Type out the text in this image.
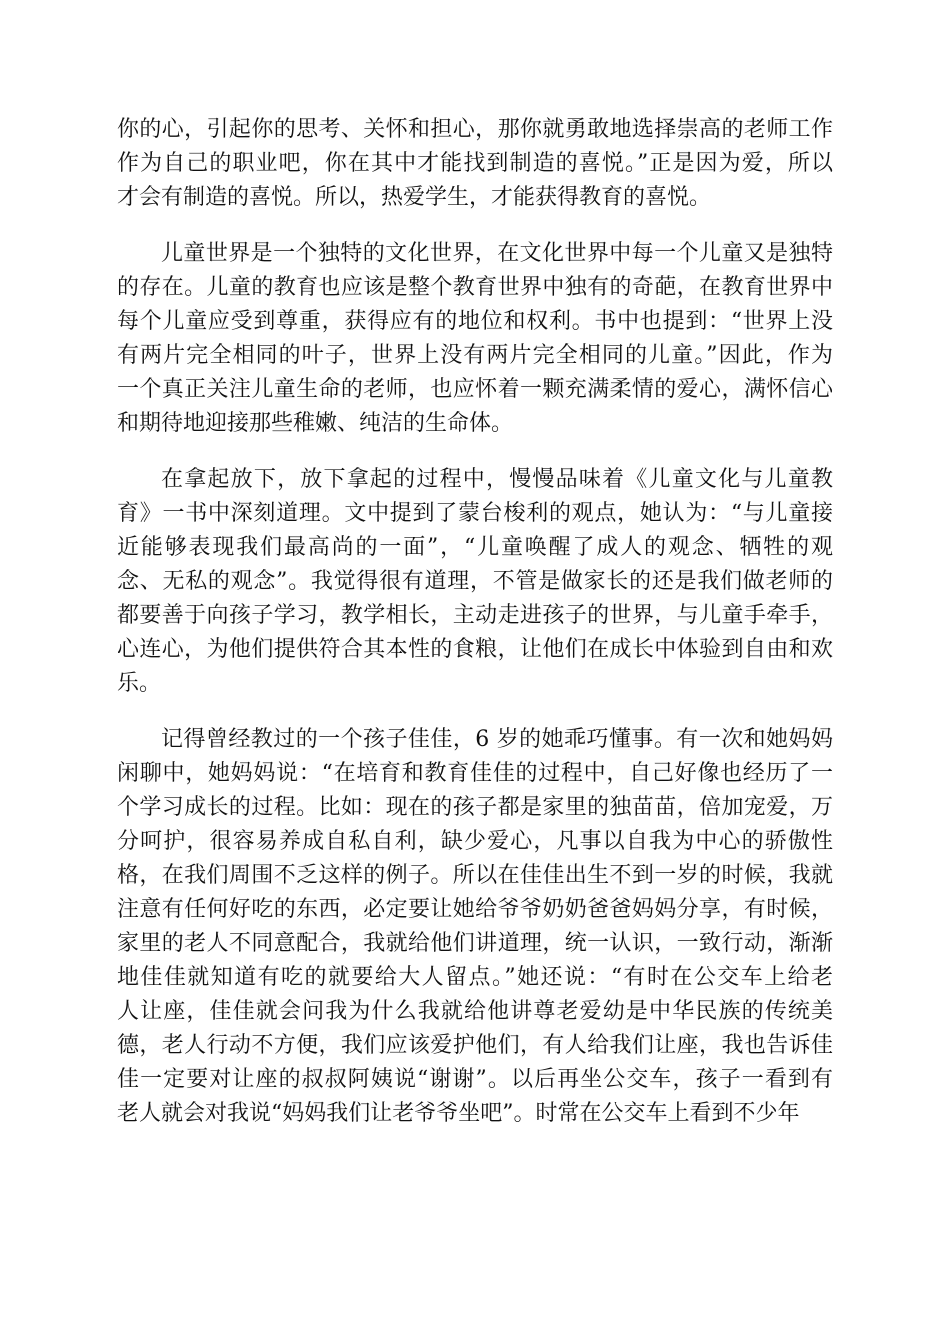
你的心，引起你的思考、关怀和担心，那你就勇敢地选择崇高的老师工作
作为自己的职业吧，你在其中才能找到制造的喜悦。”正是因为爱，所以
才会有制造的喜悦。所以，热爱学生，才能获得教育的喜悦。
儿童世界是一个独特的文化世界，在文化世界中每一个儿童又是独特
的存在。儿童的教育也应该是整个教育世界中独有的奇葩，在教育世界中
每个儿童应受到尊重，获得应有的地位和权利。书中也提到：“世界上没
有两片完全相同的叶子，世界上没有两片完全相同的儿童。”因此，作为
一个真正关注儿童生命的老师，也应怀着一颗充满柔情的爱心，满怀信心
和期待地迎接那些稚嫩、纯洁的生命体。
在拿起放下，放下拿起的过程中，慢慢品味着《儿童文化与儿童教
育》一书中深刻道理。文中提到了蒙台梭利的观点，她认为：“与儿童接
近能够表现我们最高尚的一面”，“儿童唤醒了成人的观念、牺牲的观
念、无私的观念”。我觉得很有道理，不管是做家长的还是我们做老师的
都要善于向孩子学习，教学相长，主动走进孩子的世界，与儿童手牵手，
心连心，为他们提供符合其本性的食粮，让他们在成长中体验到自由和欢
乐。
记得曾经教过的一个孩子佳佳，6 岁的她乖巧懂事。有一次和她妈妈
闲聊中，她妈妈说：“在培育和教育佳佳的过程中，自己好像也经历了一
个学习成长的过程。比如：现在的孩子都是家里的独苗苗，倍加宠爱，万
分呵护，很容易养成自私自利，缺少爱心，凡事以自我为中心的骄傲性
格，在我们周围不乏这样的例子。所以在佳佳出生不到一岁的时候，我就
注意有任何好吃的东西，必定要让她给爷爷奶奶爸爸妈妈分享，有时候，
家里的老人不同意配合，我就给他们讲道理，统一认识，一致行动，渐渐
地佳佳就知道有吃的就要给大人留点。”她还说：“有时在公交车上给老
人让座，佳佳就会问我为什么我就给他讲尊老爱幼是中华民族的传统美
德，老人行动不方便，我们应该爱护他们，有人给我们让座，我也告诉佳
佳一定要对让座的叔叔阿姨说“谢谢”。以后再坐公交车，孩子一看到有
老人就会对我说“妈妈我们让老爷爷坐吧”。时常在公交车上看到不少年
